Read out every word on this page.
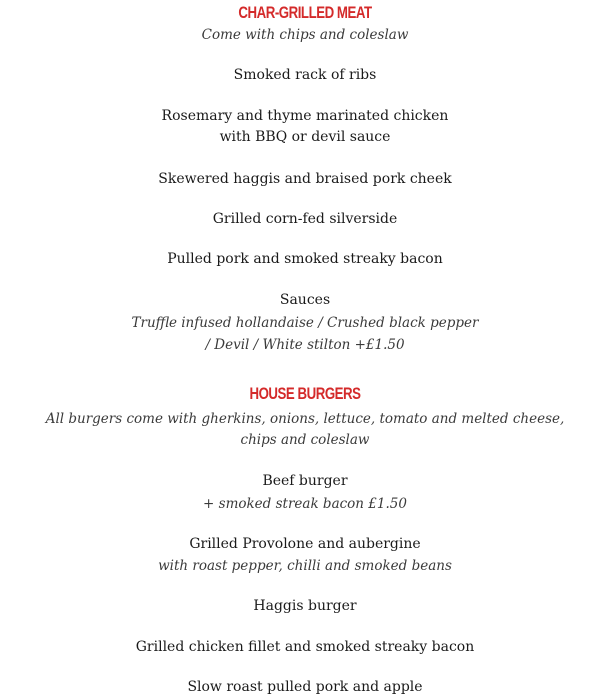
CHAR-GRILLED MEAT
Come with chips and coleslaw
Smoked rack of ribs
Rosemary and thyme marinated chicken
with BBQ or devil sauce
Skewered haggis and braised pork cheek
Grilled corn-fed silverside
Pulled pork and smoked streaky bacon
Sauces
Truffle infused hollandaise / Crushed black pepper
/ Devil / White stilton +£1.50
HOUSE BURGERS
All burgers come with gherkins, onions, lettuce, tomato and melted cheese,
chips and coleslaw
Beef burger
+ smoked streak bacon £1.50
Grilled Provolone and aubergine
with roast pepper, chilli and smoked beans
Haggis burger
Grilled chicken fillet and smoked streaky bacon
Slow roast pulled pork and apple
